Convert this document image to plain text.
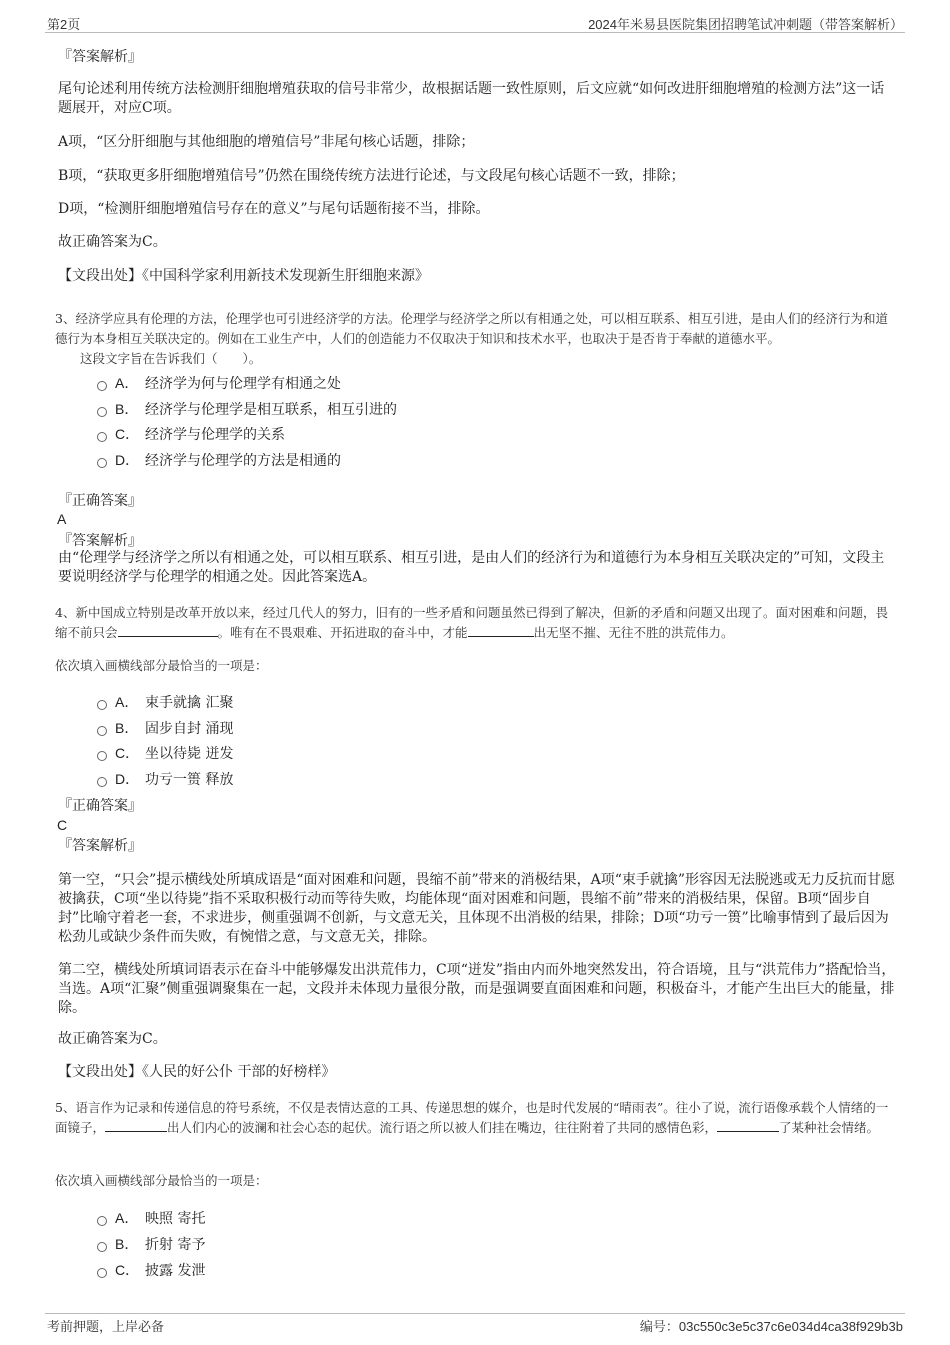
第2页	2024年米易县医院集团招聘笔试冲刺题（带答案解析）
『答案解析』
尾句论述利用传统方法检测肝细胞增殖获取的信号非常少，故根据话题一致性原则，后文应就“如何改进肝细胞增殖的检测方法”这一话题展开，对应C项。
A项，“区分肝细胞与其他细胞的增殖信号”非尾句核心话题，排除；
B项，“获取更多肝细胞增殖信号”仍然在围绕传统方法进行论述，与文段尾句核心话题不一致，排除；
D项，“检测肝细胞增殖信号存在的意义”与尾句话题衔接不当，排除。
故正确答案为C。
【文段出处】《中国科学家利用新技术发现新生肝细胞来源》
3、经济学应具有伦理的方法，伦理学也可引进经济学的方法。伦理学与经济学之所以有相通之处，可以相互联系、相互引进，是由人们的经济行为和道德行为本身相互关联决定的。例如在工业生产中，人们的创造能力不仅取决于知识和技术水平，也取决于是否肯于奉献的道德水平。
这段文字旨在告诉我们（　　）。
A． 经济学为何与伦理学有相通之处
B． 经济学与伦理学是相互联系，相互引进的
C． 经济学与伦理学的关系
D． 经济学与伦理学的方法是相通的
『正确答案』
A
『答案解析』
由“伦理学与经济学之所以有相通之处，可以相互联系、相互引进，是由人们的经济行为和道德行为本身相互关联决定的”可知，文段主要说明经济学与伦理学的相通之处。因此答案选A。
4、新中国成立特别是改革开放以来，经过几代人的努力，旧有的一些矛盾和问题虽然已得到了解决，但新的矛盾和问题又出现了。面对困难和问题，畏缩不前只会	。唯有在不畏艰难、开拓进取的奋斗中，才能	出无坚不摧、无往不胜的洪荒伟力。
依次填入画横线部分最恰当的一项是：
A． 束手就擒 汇聚
B． 固步自封 涌现
C． 坐以待毙 迸发
D． 功亏一篑 释放
『正确答案』
C
『答案解析』
第一空，“只会”提示横线处所填成语是“面对困难和问题，畏缩不前”带来的消极结果，A项“束手就擒”形容因无法脱逃或无力反抗而甘愿被擒获，C项“坐以待毙”指不采取积极行动而等待失败，均能体现“面对困难和问题，畏缩不前”带来的消极结果，保留。B项“固步自封”比喻守着老一套，不求进步，侧重强调不创新，与文意无关，且体现不出消极的结果，排除；D项“功亏一篑”比喻事情到了最后因为松劲儿或缺少条件而失败，有惋惜之意，与文意无关，排除。
第二空，横线处所填词语表示在奋斗中能够爆发出洪荒伟力，C项“迸发”指由内而外地突然发出，符合语境，且与“洪荒伟力”搭配恰当，当选。A项“汇聚”侧重强调聚集在一起，文段并未体现力量很分散，而是强调要直面困难和问题，积极奋斗，才能产生出巨大的能量，排除。
故正确答案为C。
【文段出处】《人民的好公仆 干部的好榜样》
5、语言作为记录和传递信息的符号系统，不仅是表情达意的工具、传递思想的媒介，也是时代发展的“晴雨表”。往小了说，流行语像承载个人情绪的一面镜子，	出人们内心的波澜和社会心态的起伏。流行语之所以被人们挂在嘴边，往往附着了共同的感情色彩，	了某种社会情绪。
依次填入画横线部分最恰当的一项是：
A． 映照 寄托
B． 折射 寄予
C． 披露 发泄
考前押题，上岸必备	编号：03c550c3e5c37c6e034d4ca38f929b3b
